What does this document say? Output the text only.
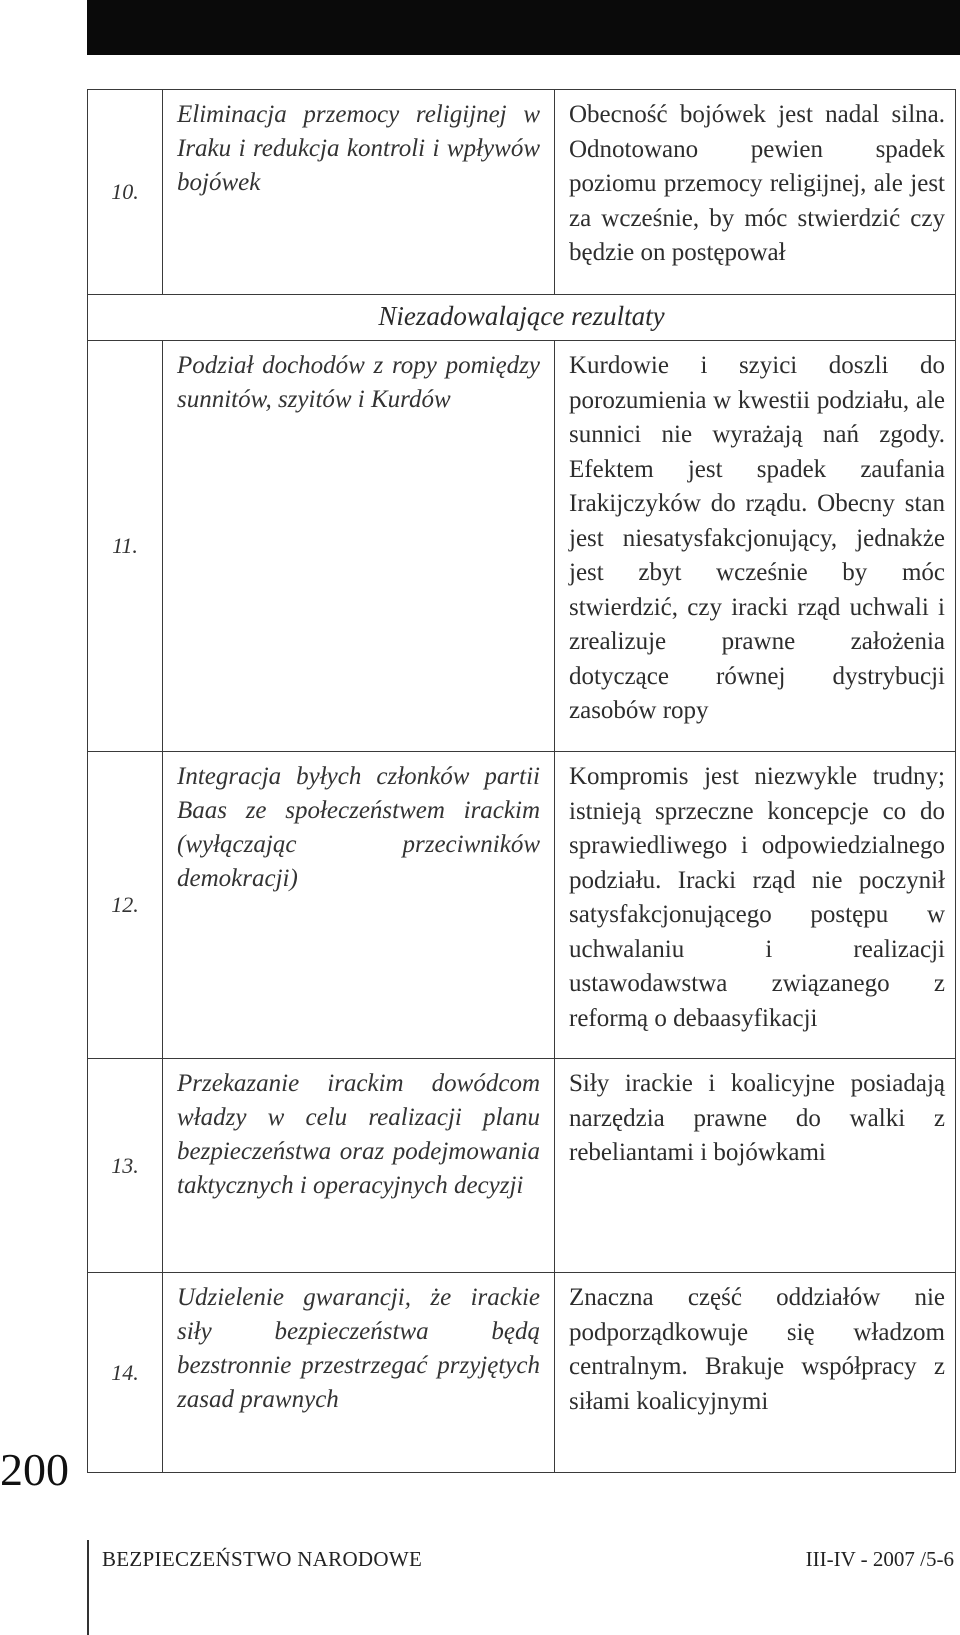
10.	Eliminacja przemocy religijnej w Iraku i redukcja kontroli i wpływów bojówek	Obecność bojówek jest nadal silna. Odnotowano pewien spadek poziomu przemocy religijnej, ale jest za wcześnie, by móc stwierdzić czy będzie on postępował
Niezadowalające rezultaty		
11.	Podział dochodów z ropy pomiędzy sunnitów, szyitów i Kurdów	Kurdowie i szyici doszli do porozumienia w kwestii podziału, ale sunnici nie wyrażają nań zgody. Efektem jest spadek zaufania Irakijczyków do rządu. Obecny stan jest niesatysfakcjonujący, jednakże jest zbyt wcześnie by móc stwierdzić, czy iracki rząd uchwali i zrealizuje prawne założenia dotyczące równej dystrybucji zasobów ropy
12.	Integracja byłych członków partii Baas ze społeczeństwem irackim (wyłączając przeciwników demokracji)	Kompromis jest niezwykle trudny; istnieją sprzeczne koncepcje co do sprawiedliwego i odpowiedzialnego podziału. Iracki rząd nie poczynił satysfakcjonującego postępu w uchwalaniu i realizacji ustawodawstwa związanego z reformą o debaasyfikacji
13.	Przekazanie irackim dowódcom władzy w celu realizacji planu bezpieczeństwa oraz podejmowania taktycznych i operacyjnych decyzji	Siły irackie i koalicyjne posiadają narzędzia prawne do walki z rebeliantami i bojówkami
14.	Udzielenie gwarancji, że irackie siły bezpieczeństwa będą bezstronnie przestrzegać przyjętych zasad prawnych	Znaczna część oddziałów nie podporządkowuje się władzom centralnym. Brakuje współpracy z siłami koalicyjnymi
200
BEZPIECZEŃSTWO NARODOWE	III-IV - 2007 /5-6
